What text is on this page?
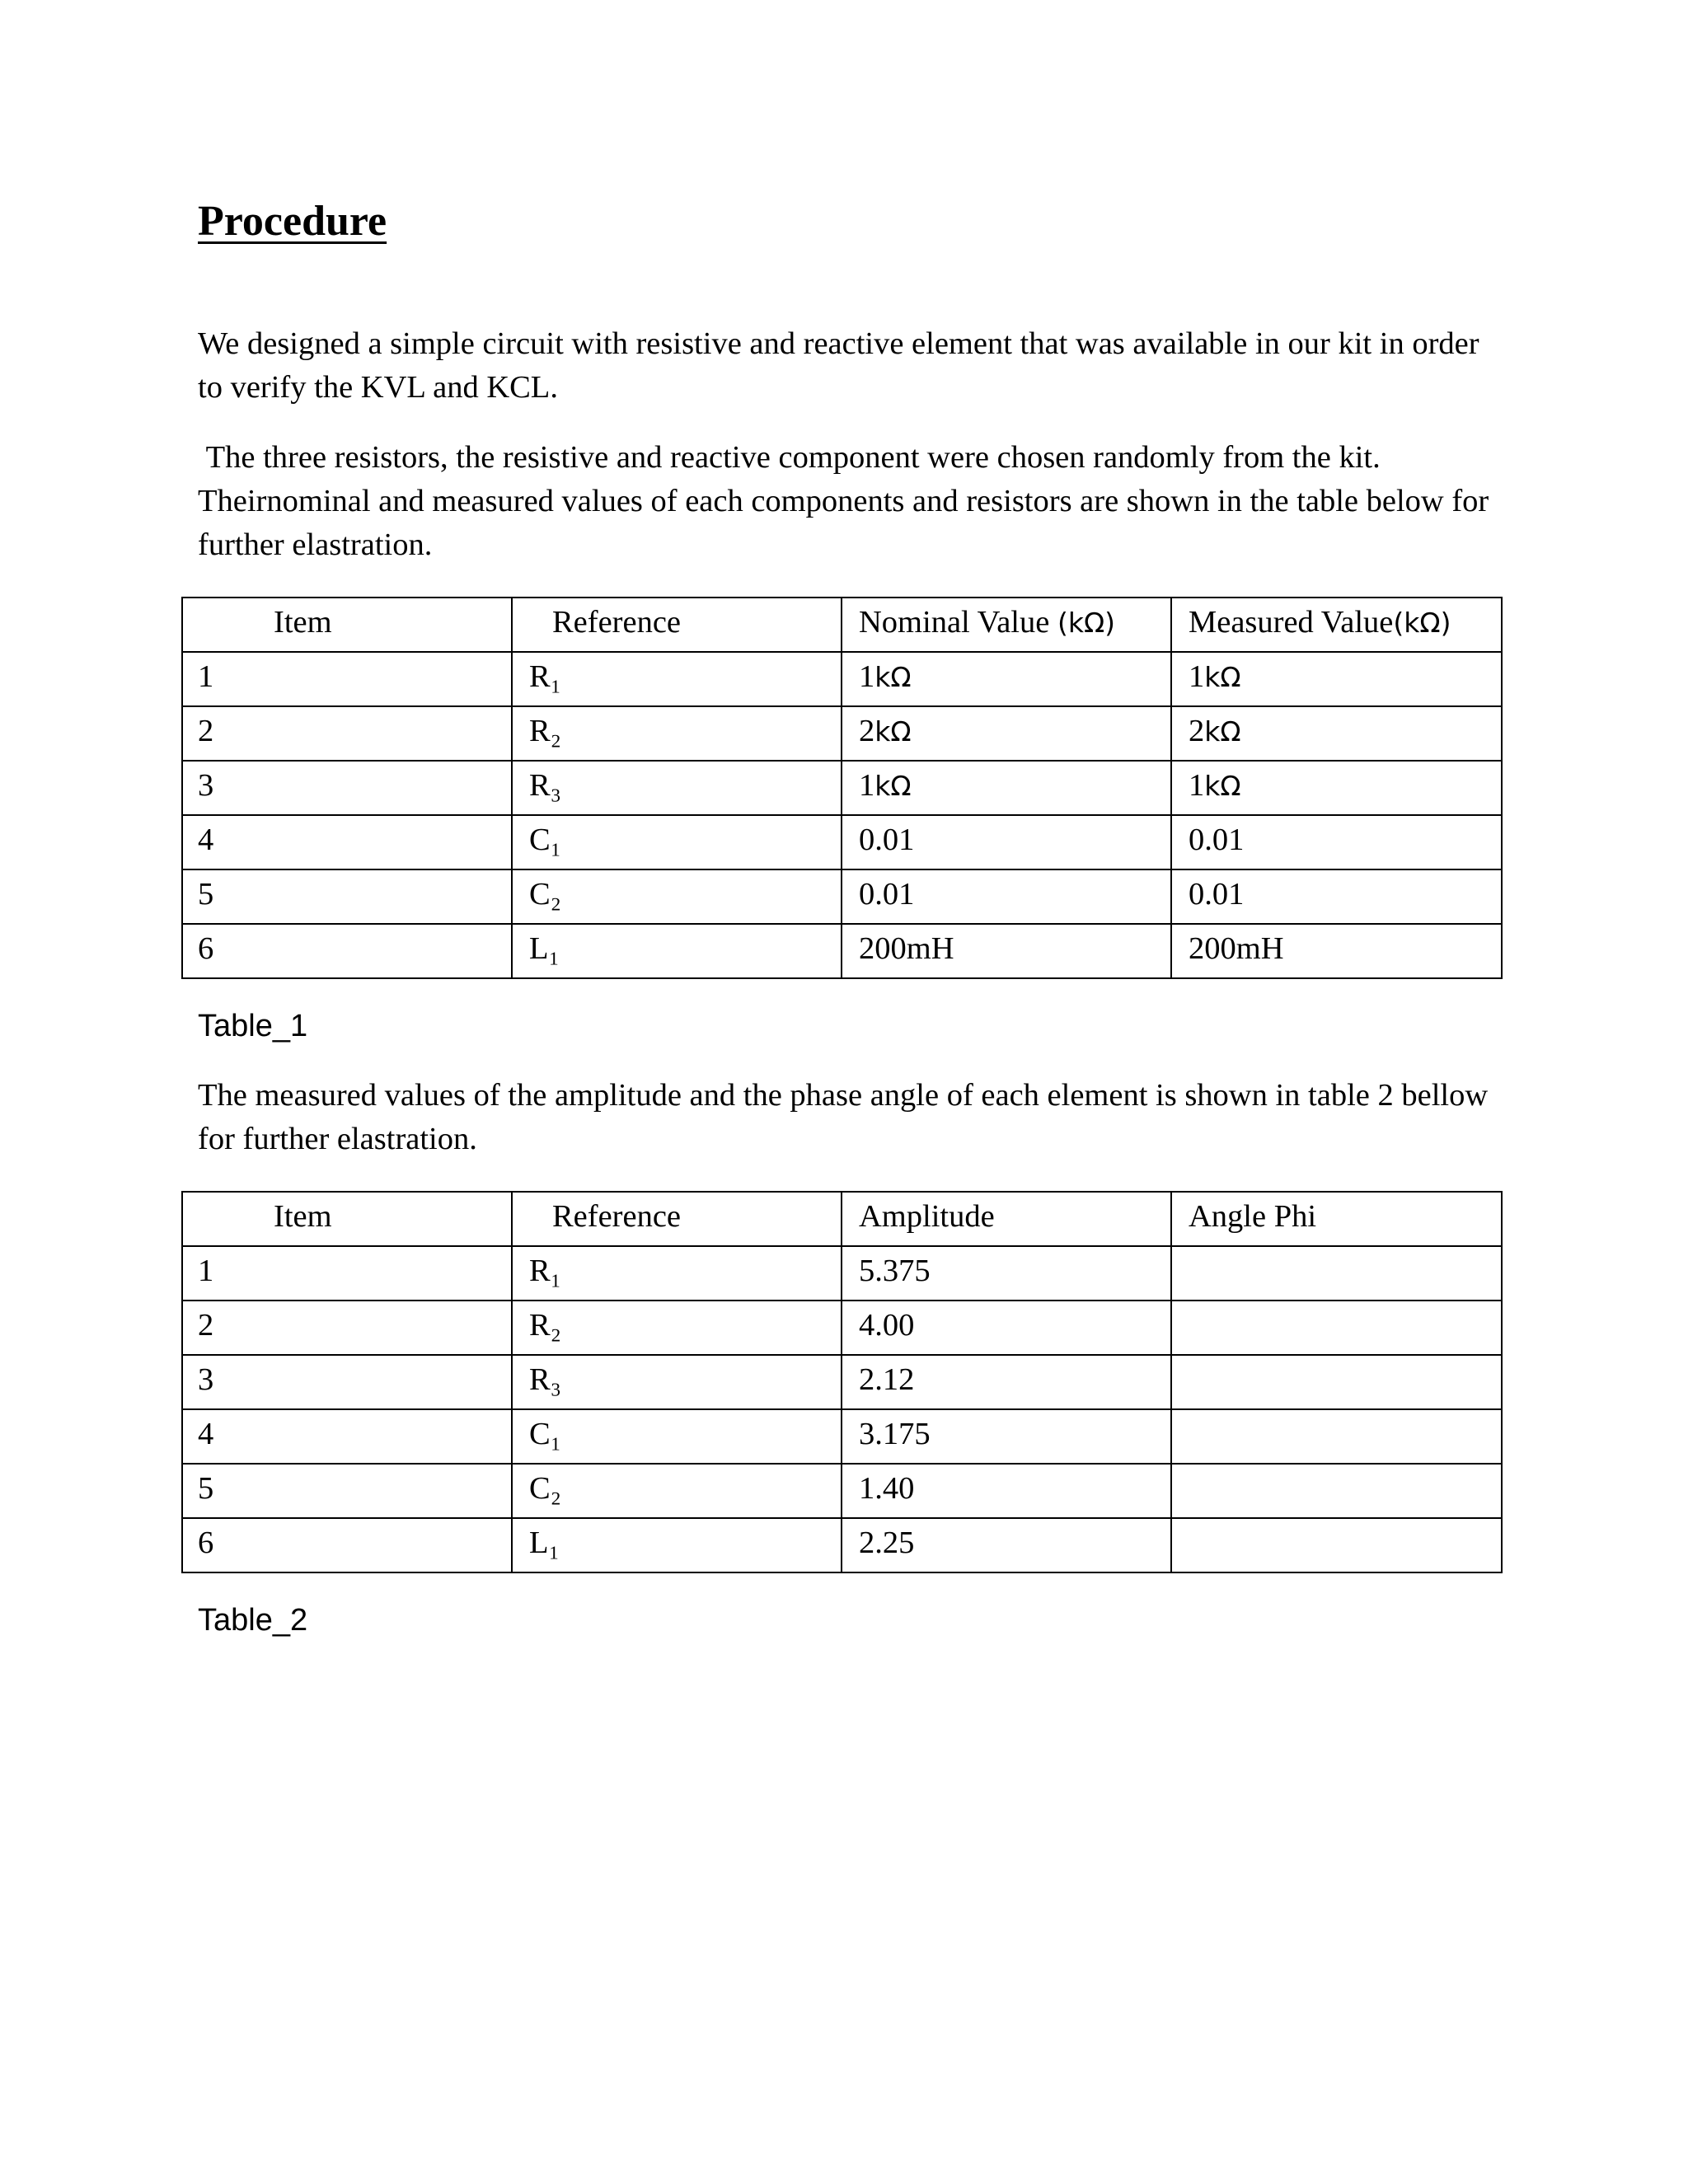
Procedure

We designed a simple circuit with resistive and reactive element that was available in our kit in order to verify the KVL and KCL.

The three resistors, the resistive and reactive component were chosen randomly from the kit. Theirnominal and measured values of each components and resistors are shown in the table below for further elastration.

Item	Reference	Nominal Value (kΩ)	Measured Value(kΩ)
1	R₁	1kΩ	1kΩ
2	R₂	2kΩ	2kΩ
3	R₃	1kΩ	1kΩ
4	C₁	0.01	0.01
5	C₂	0.01	0.01
6	L₁	200mH	200mH

Table_1

The measured values of the amplitude and the phase angle of each element is shown in table 2 bellow for further elastration.

Item	Reference	Amplitude	Angle Phi
1	R₁	5.375	
2	R₂	4.00	
3	R₃	2.12	
4	C₁	3.175	
5	C₂	1.40	
6	L₁	2.25	

Table_2
